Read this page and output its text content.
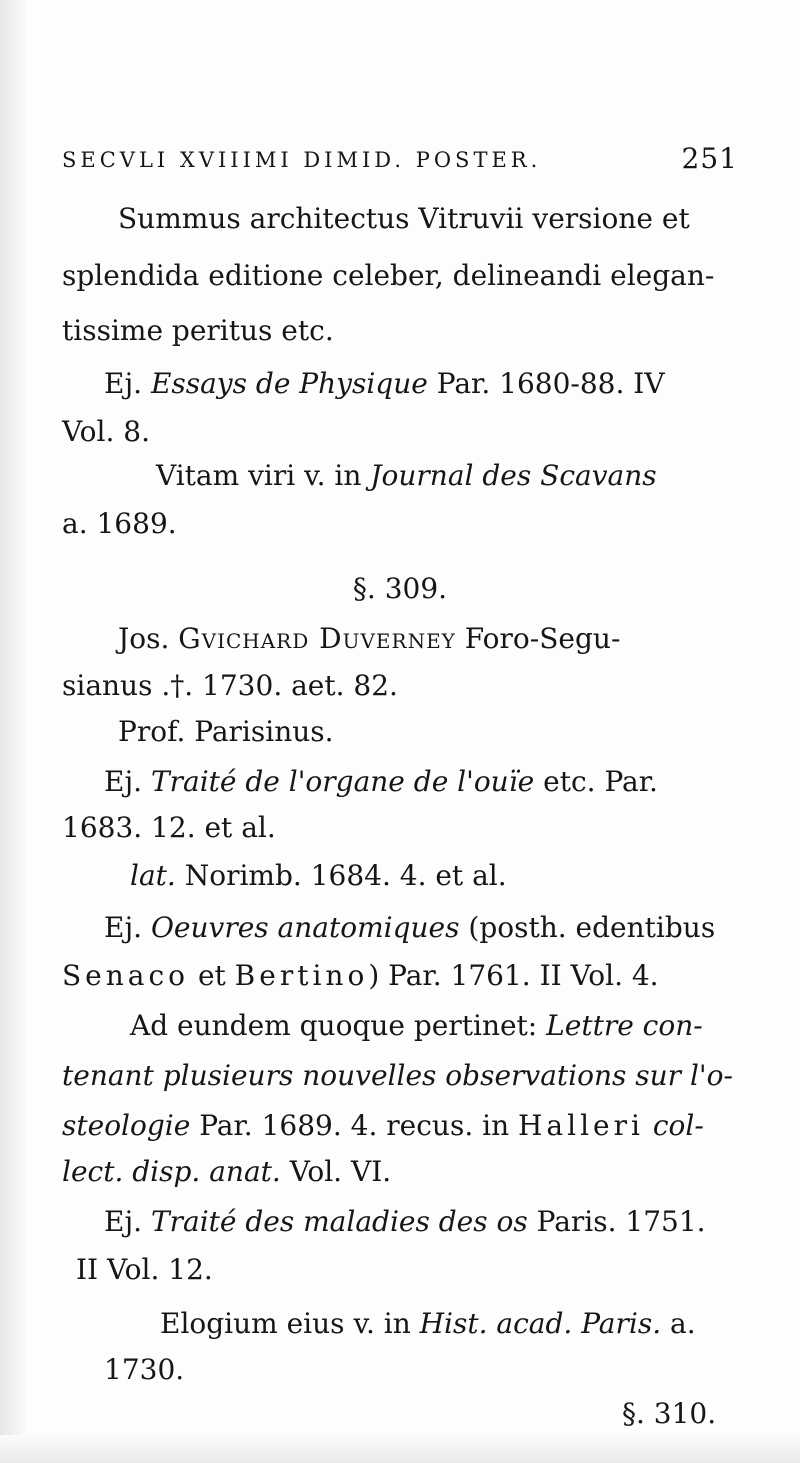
SECVLI XVIIIMI DIMID. POSTER.	251
Summus architectus Vitruvii versione et
splendida editione celeber, delineandi elegan-
tissime peritus etc.
Ej. Essays de Physique Par. 1680-88. IV
Vol. 8.
Vitam viri v. in Journal des Scavans
a. 1689.
§. 309.
Jos. Gvichard Duverney Foro-Segu-
sianus .†. 1730. aet. 82.
Prof. Parisinus.
Ej. Traité de l'organe de l'ouïe etc. Par.
1683. 12. et al.
lat. Norimb. 1684. 4. et al.
Ej. Oeuvres anatomiques (posth. edentibus
Senaco et Bertino) Par. 1761. II Vol. 4.
Ad eundem quoque pertinet: Lettre con-
tenant plusieurs nouvelles observations sur l'o-
steologie Par. 1689. 4. recus. in Halleri col-
lect. disp. anat. Vol. VI.
Ej. Traité des maladies des os Paris. 1751.
II Vol. 12.
Elogium eius v. in Hist. acad. Paris. a.
1730.
§. 310.
